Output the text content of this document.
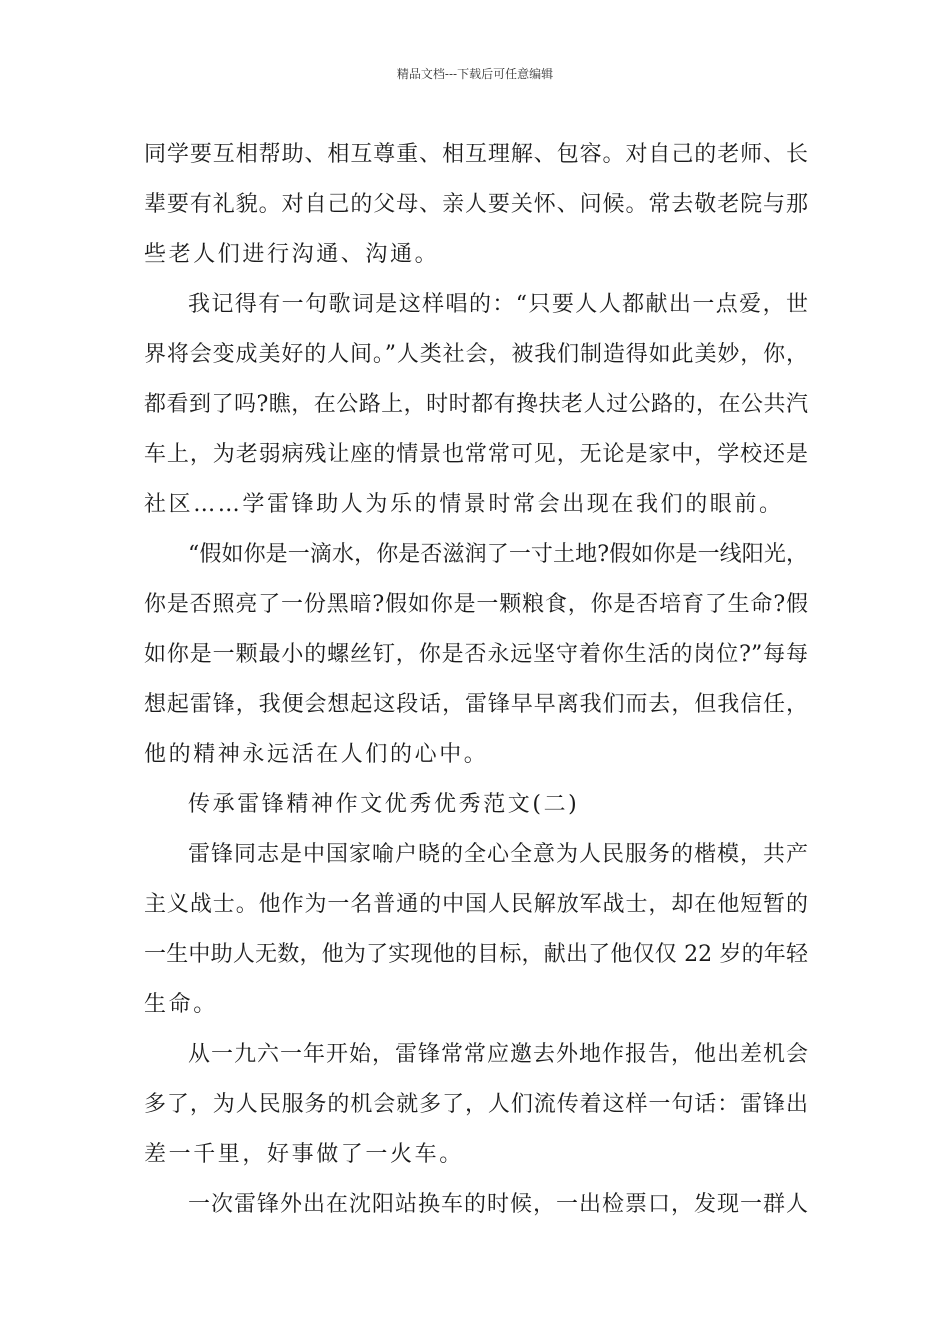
精品文档---下载后可任意编辑
同学要互相帮助、相互尊重、相互理解、包容。对自己的老师、长
辈要有礼貌。对自己的父母、亲人要关怀、问候。常去敬老院与那
些老人们进行沟通、沟通。
我记得有一句歌词是这样唱的：“只要人人都献出一点爱，世
界将会变成美好的人间。”人类社会，被我们制造得如此美妙，你，
都看到了吗?瞧，在公路上，时时都有搀扶老人过公路的，在公共汽
车上，为老弱病残让座的情景也常常可见，无论是家中，学校还是
社区……学雷锋助人为乐的情景时常会出现在我们的眼前。
“假如你是一滴水，你是否滋润了一寸土地?假如你是一线阳光，
你是否照亮了一份黑暗?假如你是一颗粮食，你是否培育了生命?假
如你是一颗最小的螺丝钉，你是否永远坚守着你生活的岗位?”每每
想起雷锋，我便会想起这段话，雷锋早早离我们而去，但我信任，
他的精神永远活在人们的心中。
传承雷锋精神作文优秀优秀范文(二)
雷锋同志是中国家喻户晓的全心全意为人民服务的楷模，共产
主义战士。他作为一名普通的中国人民解放军战士，却在他短暂的
一生中助人无数，他为了实现他的目标，献出了他仅仅 22 岁的年轻
生命。
从一九六一年开始，雷锋常常应邀去外地作报告，他出差机会
多了，为人民服务的机会就多了，人们流传着这样一句话：雷锋出
差一千里，好事做了一火车。
一次雷锋外出在沈阳站换车的时候，一出检票口，发现一群人
